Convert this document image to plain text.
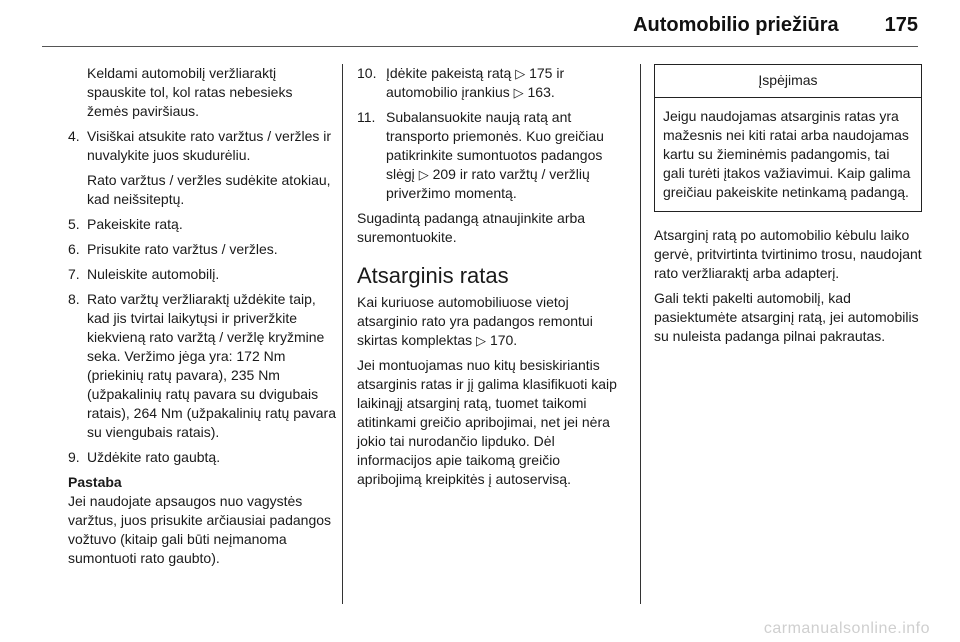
Automobilio priežiūra 175

Keldami automobilį veržliaraktį spauskite tol, kol ratas nebesieks žemės paviršiaus.

4. Visiškai atsukite rato varžtus / veržles ir nuvalykite juos skudurėliu.

Rato varžtus / veržles sudėkite atokiau, kad neišsiteptų.

5. Pakeiskite ratą.
6. Prisukite rato varžtus / veržles.
7. Nuleiskite automobilį.
8. Rato varžtų veržliaraktį uždėkite taip, kad jis tvirtai laikytųsi ir priveržkite kiekvieną rato varžtą / veržlę kryžmine seka. Veržimo jėga yra: 172 Nm (priekinių ratų pavara), 235 Nm (užpakalinių ratų pavara su dvigubais ratais), 264 Nm (užpakalinių ratų pavara su viengubais ratais).
9. Uždėkite rato gaubtą.

Pastaba

Jei naudojate apsaugos nuo vagystės varžtus, juos prisukite arčiausiai padangos vožtuvo (kitaip gali būti neįmanoma sumontuoti rato gaubto).

10. Įdėkite pakeistą ratą ▷ 175 ir automobilio įrankius ▷ 163.
11. Subalansuokite naują ratą ant transporto priemonės. Kuo greičiau patikrinkite sumontuotos padangos slėgį ▷ 209 ir rato varžtų / veržlių priveržimo momentą.

Sugadintą padangą atnaujinkite arba suremontuokite.

Atsarginis ratas

Kai kuriuose automobiliuose vietoj atsarginio rato yra padangos remontui skirtas komplektas ▷ 170.

Jei montuojamas nuo kitų besiskiriantis atsarginis ratas ir jį galima klasifikuoti kaip laikinąjį atsarginį ratą, tuomet taikomi atitinkami greičio apribojimai, net jei nėra jokio tai nurodančio lipduko. Dėl informacijos apie taikomą greičio apribojimą kreipkitės į autoservisą.

Įspėjimas
Jeigu naudojamas atsarginis ratas yra mažesnis nei kiti ratai arba naudojamas kartu su žieminėmis padangomis, tai gali turėti įtakos važiavimui. Kaip galima greičiau pakeiskite netinkamą padangą.

Atsarginį ratą po automobilio kėbulu laiko gervė, pritvirtinta tvirtinimo trosu, naudojant rato veržliaraktį arba adapterį.

Gali tekti pakelti automobilį, kad pasiektumėte atsarginį ratą, jei automobilis su nuleista padanga pilnai pakrautas.

carmanualsonline.info
